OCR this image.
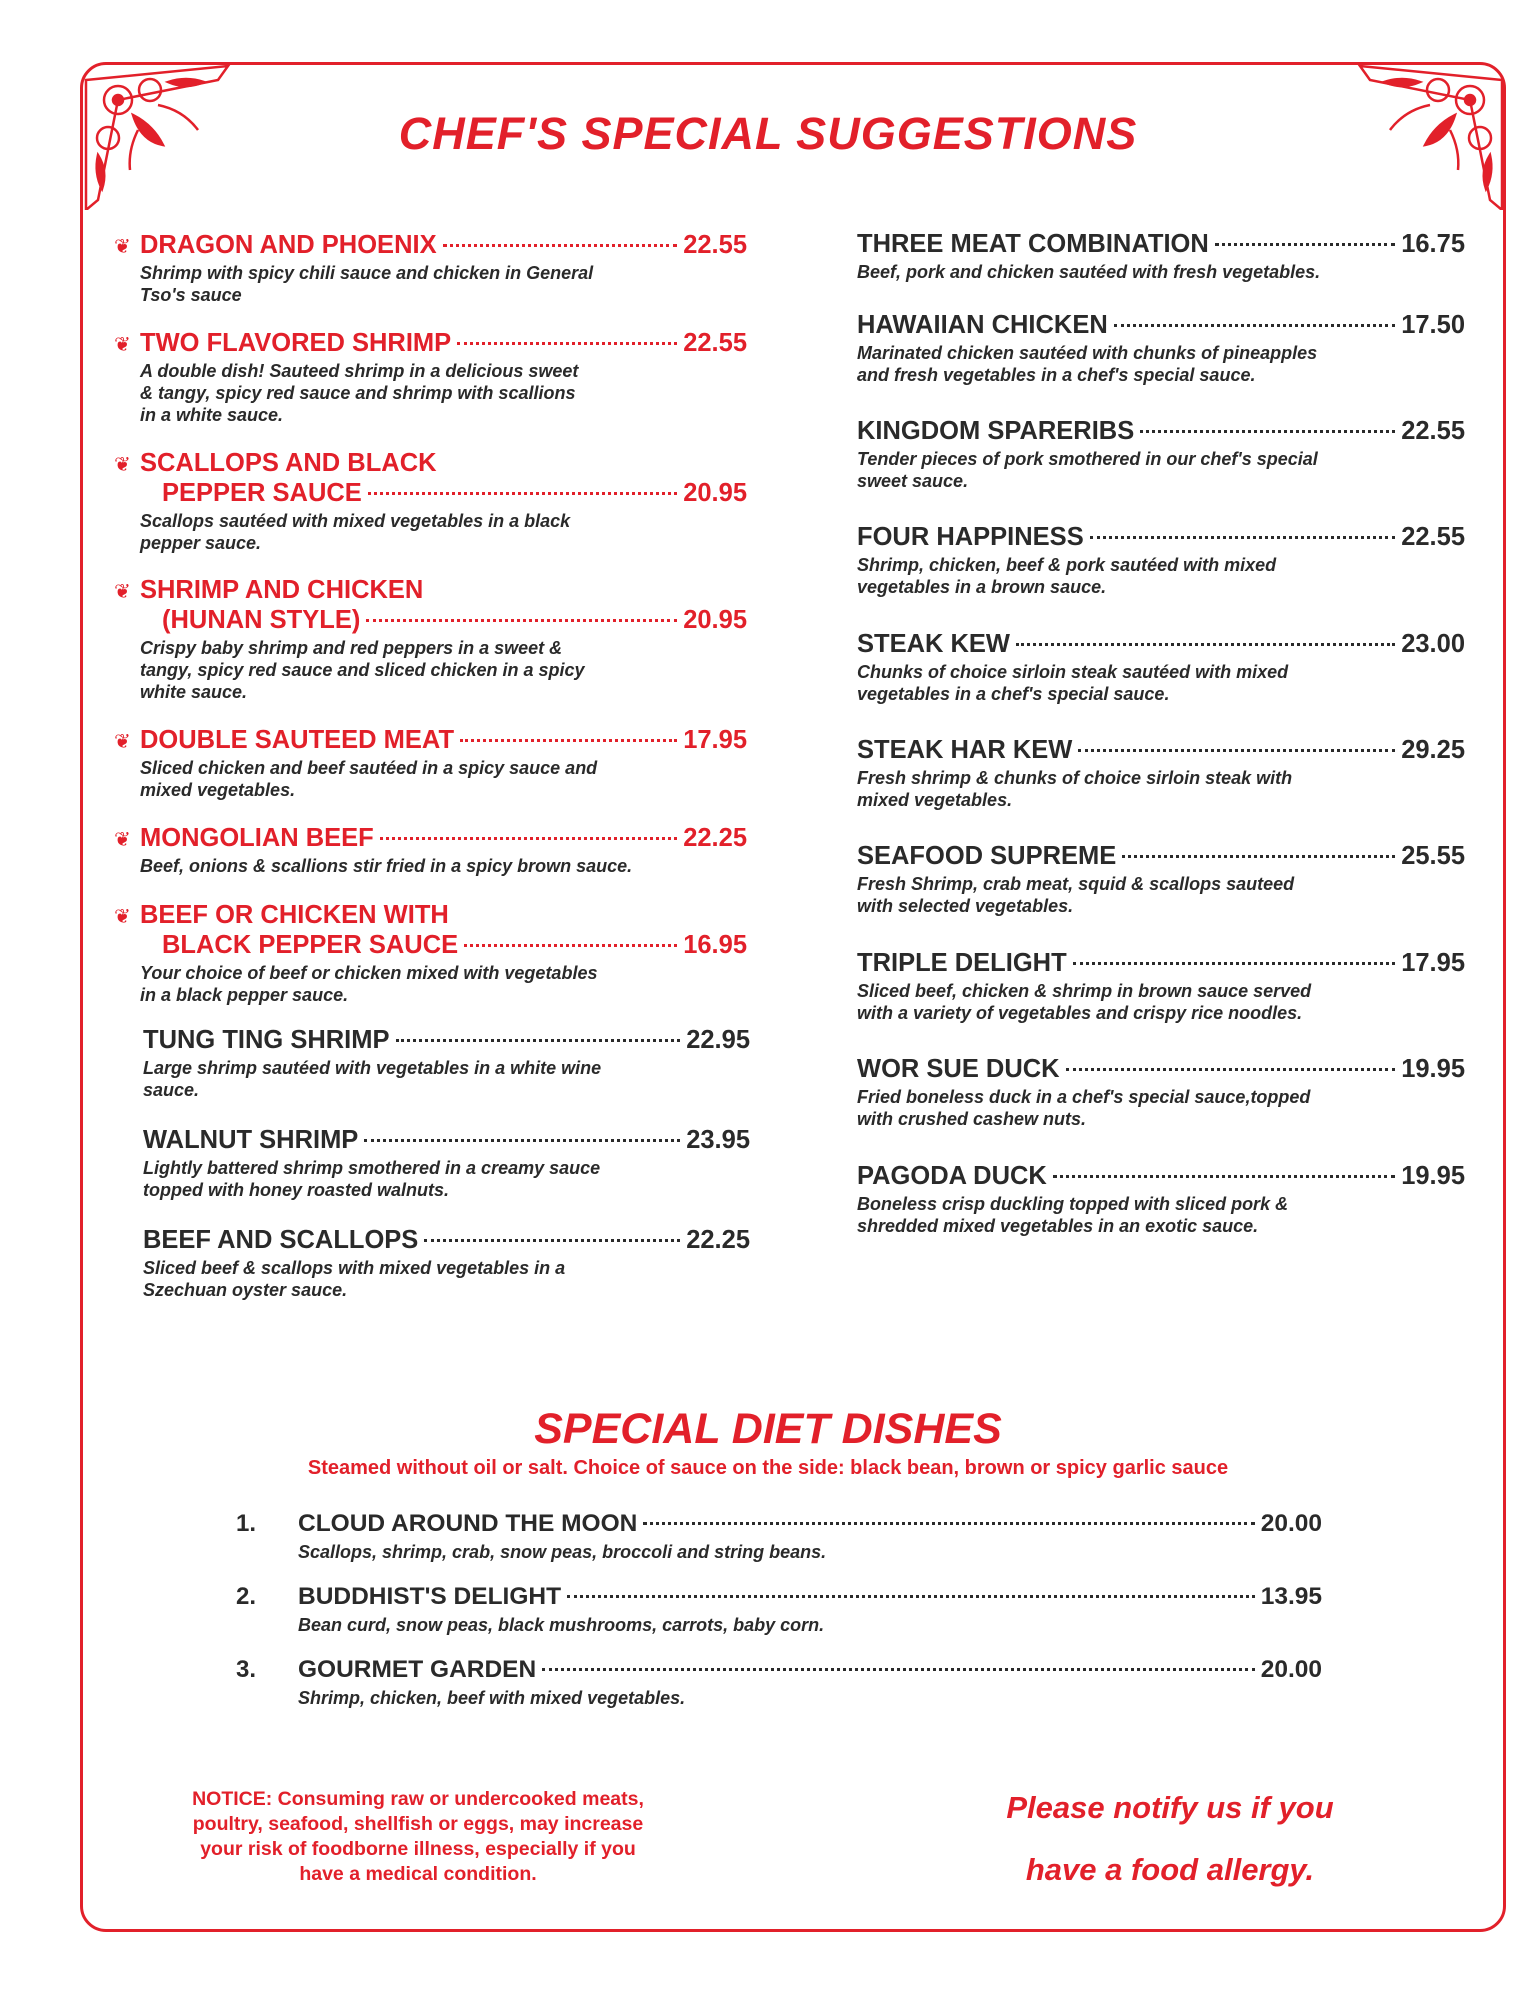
CHEF'S SPECIAL SUGGESTIONS
❦ DRAGON AND PHOENIX	22.55
Shrimp with spicy chili sauce and chicken in General
Tso's sauce
❦ TWO FLAVORED SHRIMP	22.55
A double dish! Sauteed shrimp in a delicious sweet
& tangy, spicy red sauce and shrimp with scallions
in a white sauce.
❦ SCALLOPS AND BLACK
PEPPER SAUCE	20.95
Scallops sautéed with mixed vegetables in a black
pepper sauce.
❦ SHRIMP AND CHICKEN
(HUNAN STYLE)	20.95
Crispy baby shrimp and red peppers in a sweet &
tangy, spicy red sauce and sliced chicken in a spicy
white sauce.
❦ DOUBLE SAUTEED MEAT	17.95
Sliced chicken and beef sautéed in a spicy sauce and
mixed vegetables.
❦ MONGOLIAN BEEF	22.25
Beef, onions & scallions stir fried in a spicy brown sauce.
❦ BEEF OR CHICKEN WITH
BLACK PEPPER SAUCE	16.95
Your choice of beef or chicken mixed with vegetables
in a black pepper sauce.
TUNG TING SHRIMP	22.95
Large shrimp sautéed with vegetables in a white wine
sauce.
WALNUT SHRIMP	23.95
Lightly battered shrimp smothered in a creamy sauce
topped with honey roasted walnuts.
BEEF AND SCALLOPS	22.25
Sliced beef & scallops with mixed vegetables in a
Szechuan oyster sauce.
THREE MEAT COMBINATION	16.75
Beef, pork and chicken sautéed with fresh vegetables.
HAWAIIAN CHICKEN	17.50
Marinated chicken sautéed with chunks of pineapples
and fresh vegetables in a chef's special sauce.
KINGDOM SPARERIBS	22.55
Tender pieces of pork smothered in our chef's special
sweet sauce.
FOUR HAPPINESS	22.55
Shrimp, chicken, beef & pork sautéed with mixed
vegetables in a brown sauce.
STEAK KEW	23.00
Chunks of choice sirloin steak sautéed with mixed
vegetables in a chef's special sauce.
STEAK HAR KEW	29.25
Fresh shrimp & chunks of choice sirloin steak with
mixed vegetables.
SEAFOOD SUPREME	25.55
Fresh Shrimp, crab meat, squid & scallops sauteed
with selected vegetables.
TRIPLE DELIGHT	17.95
Sliced beef, chicken & shrimp in brown sauce served
with a variety of vegetables and crispy rice noodles.
WOR SUE DUCK	19.95
Fried boneless duck in a chef's special sauce,topped
with crushed cashew nuts.
PAGODA DUCK	19.95
Boneless crisp duckling topped with sliced pork &
shredded mixed vegetables in an exotic sauce.
SPECIAL DIET DISHES
Steamed without oil or salt. Choice of sauce on the side: black bean, brown or spicy garlic sauce
1. CLOUD AROUND THE MOON	20.00
Scallops, shrimp, crab, snow peas, broccoli and string beans.
2. BUDDHIST'S DELIGHT	13.95
Bean curd, snow peas, black mushrooms, carrots, baby corn.
3. GOURMET GARDEN	20.00
Shrimp, chicken, beef with mixed vegetables.
NOTICE: Consuming raw or undercooked meats,
poultry, seafood, shellfish or eggs, may increase
your risk of foodborne illness, especially if you
have a medical condition.
Please notify us if you
have a food allergy.
